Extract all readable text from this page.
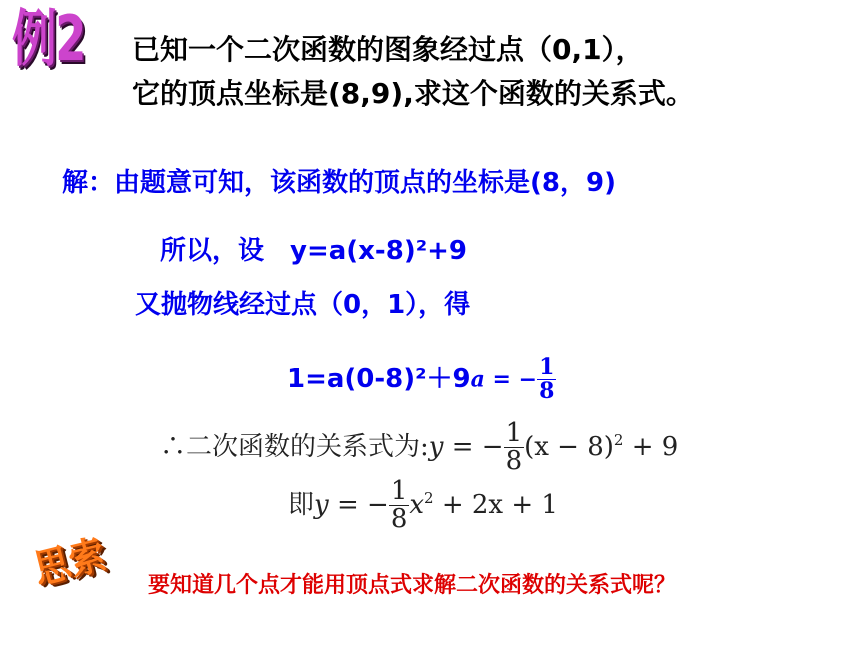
例2 已知一个二次函数的图象经过点（0,1），
它的顶点坐标是(8,9),求这个函数的关系式。
解：由题意可知，该函数的顶点的坐标是(8，9)
所以，设　y=a(x-8)²+9
又抛物线经过点（0，1），得
1=a(0-8)²＋9a = − $\frac{1}{8}$
∴二次函数的关系式为:y = − $\frac{1}{8} (x - 8)^2 + 9$
即y = − $\frac{1}{8} x^2 + 2x + 1$
思索 要知道几个点才能用顶点式求解二次函数的关系式呢？
